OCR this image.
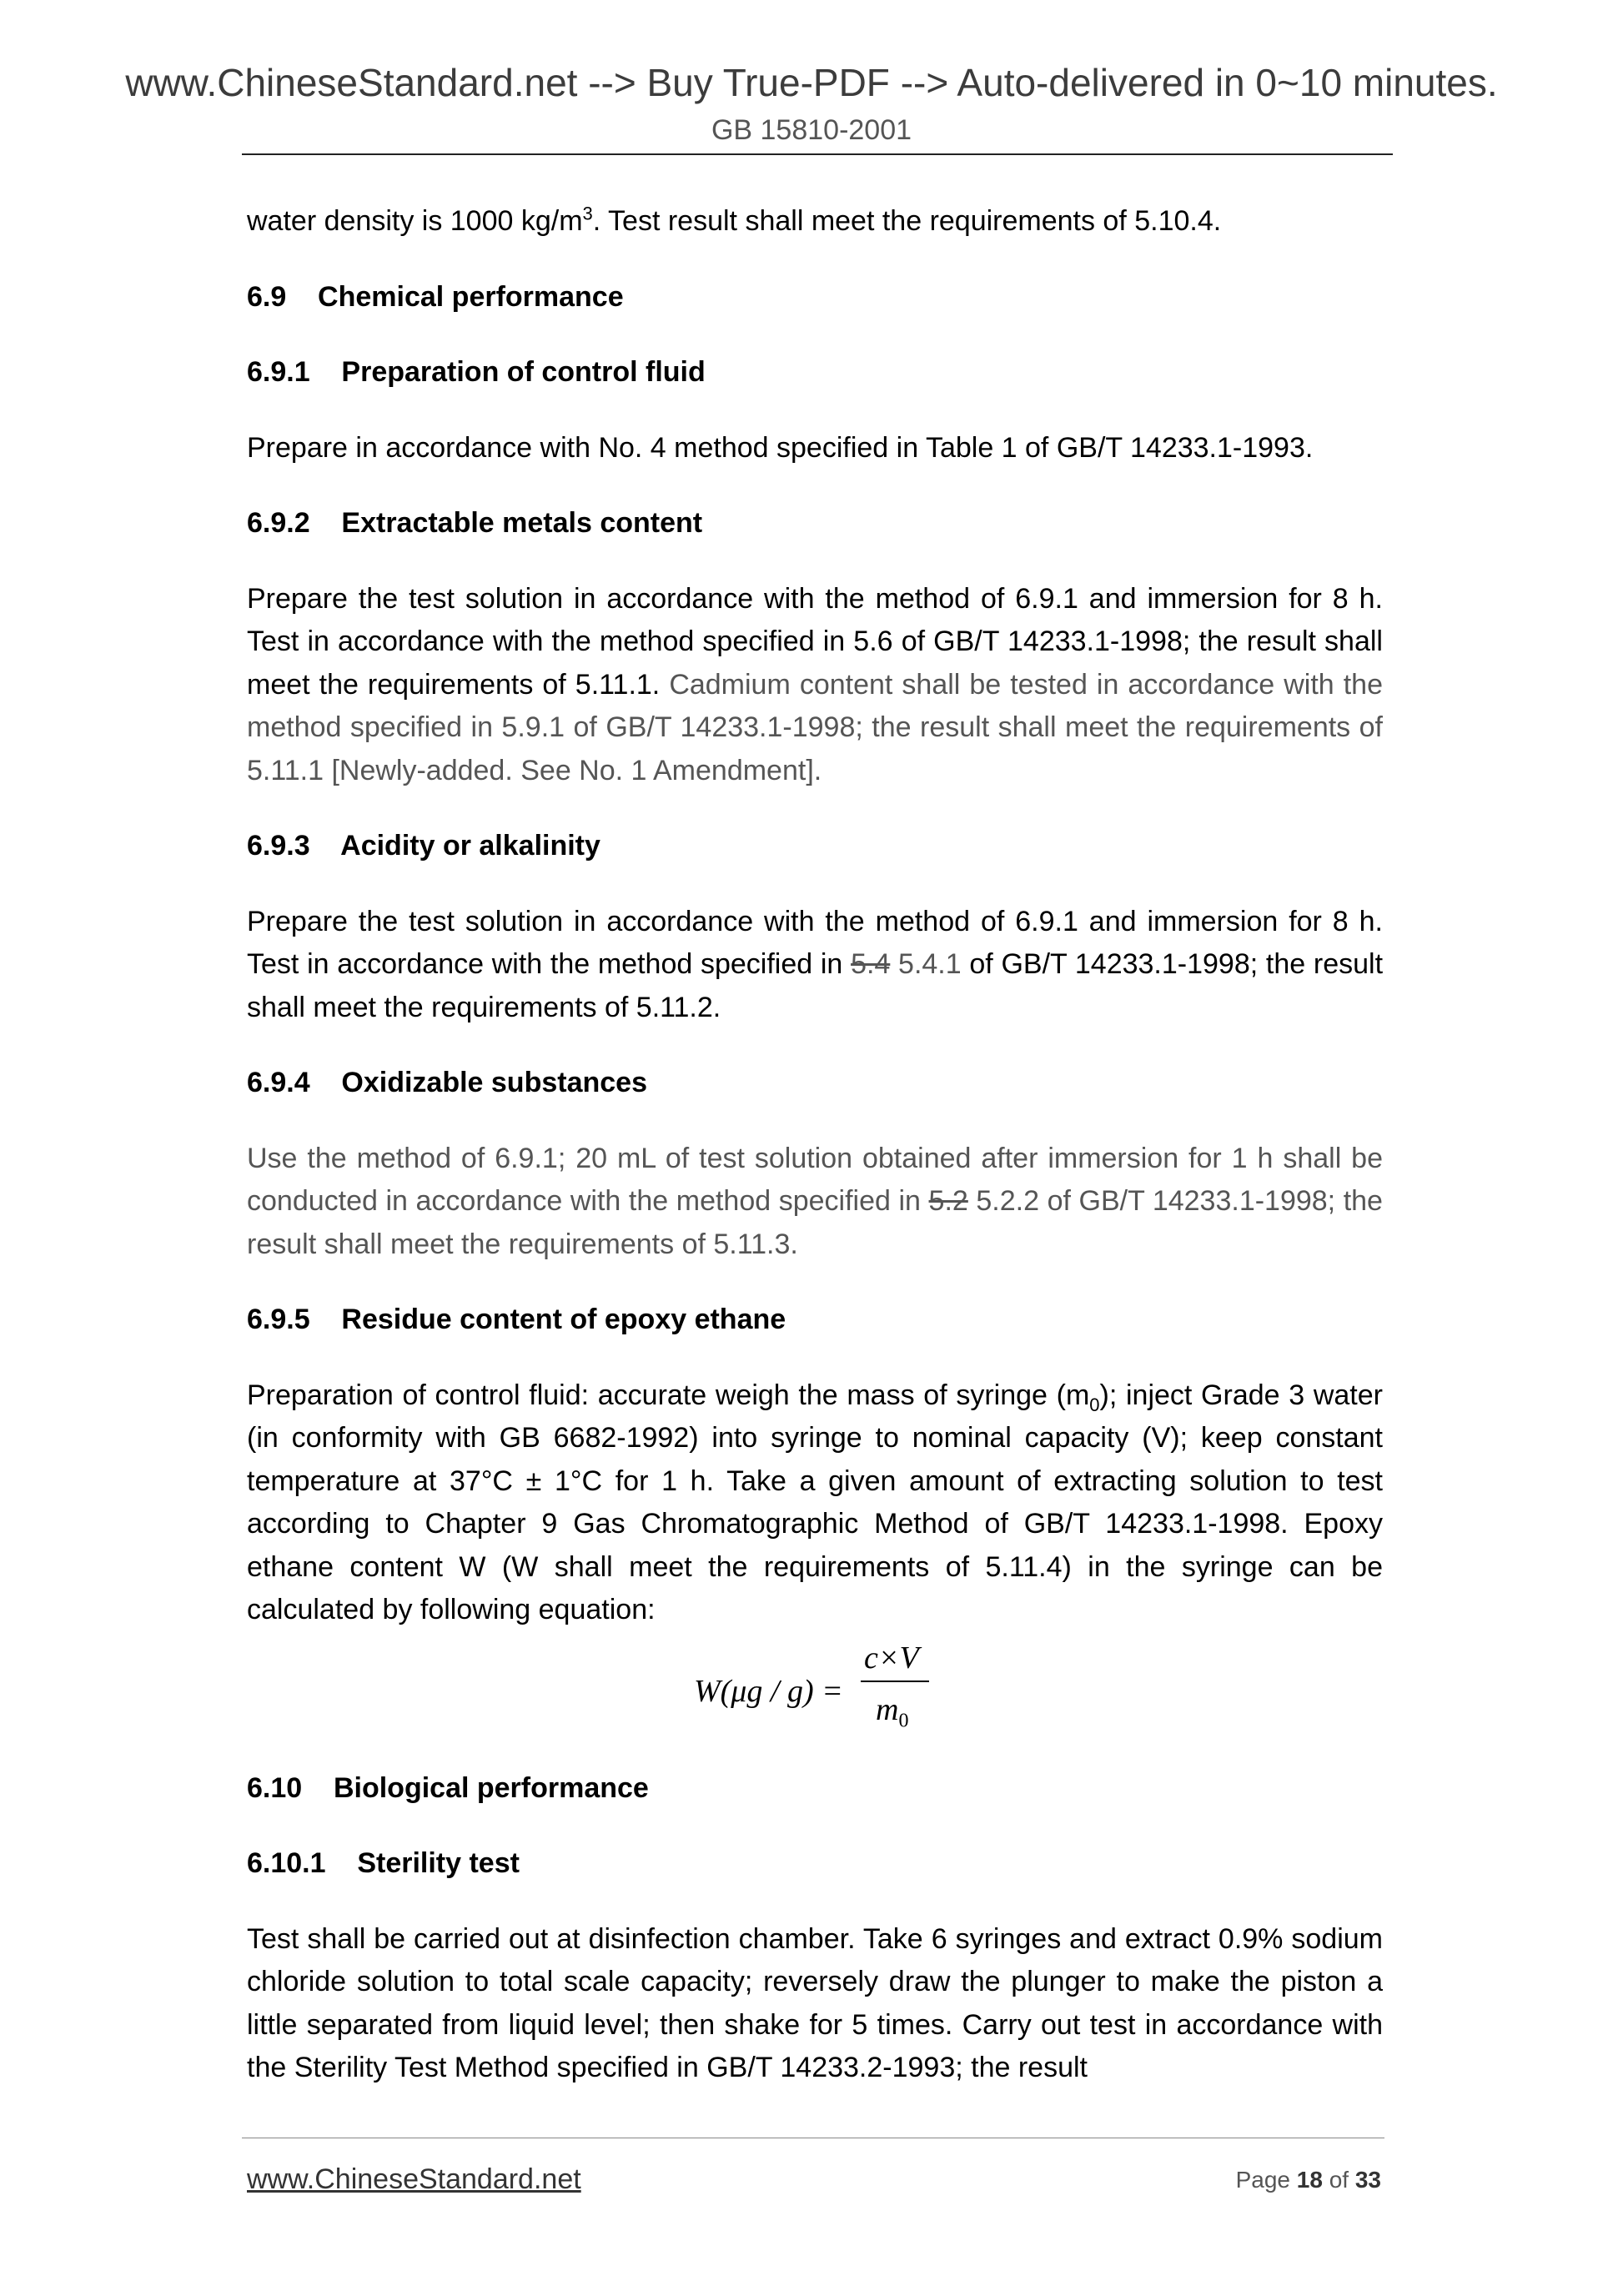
www.ChineseStandard.net --> Buy True-PDF --> Auto-delivered in 0~10 minutes.
GB 15810-2001

water density is 1000 $kg/m^3$. Test result shall meet the requirements of 5.10.4.

6.9    Chemical performance
6.9.1    Preparation of control fluid

Prepare in accordance with No. 4 method specified in Table 1 of GB/T 14233.1-1993.

6.9.2    Extractable metals content

Prepare the test solution in accordance with the method of 6.9.1 and immersion for 8 h. Test in accordance with the method specified in 5.6 of GB/T 14233.1-1998; the result shall meet the requirements of 5.11.1. Cadmium content shall be tested in accordance with the method specified in 5.9.1 of GB/T 14233.1-1998; the result shall meet the requirements of 5.11.1 [Newly-added. See No. 1 Amendment].

6.9.3    Acidity or alkalinity

Prepare the test solution in accordance with the method of 6.9.1 and immersion for 8 h. Test in accordance with the method specified in 5.4 5.4.1 of GB/T 14233.1-1998; the result shall meet the requirements of 5.11.2.

6.9.4    Oxidizable substances

Use the method of 6.9.1; 20 mL of test solution obtained after immersion for 1 h shall be conducted in accordance with the method specified in 5.2 5.2.2 of GB/T 14233.1-1998; the result shall meet the requirements of 5.11.3.

6.9.5    Residue content of epoxy ethane

Preparation of control fluid: accurate weigh the mass of syringe $(m_0)$; inject Grade 3 water (in conformity with GB 6682-1992) into syringe to nominal capacity (V); keep constant temperature at 37°C ± 1°C for 1 h. Take a given amount of extracting solution to test according to Chapter 9 Gas Chromatographic Method of GB/T 14233.1-1998. Epoxy ethane content W (W shall meet the requirements of 5.11.4) in the syringe can be calculated by following equation:

W(μg / g) =
c×V
$m_0$
6.10    Biological performance
6.10.1    Sterility test

Test shall be carried out at disinfection chamber. Take 6 syringes and extract 0.9% sodium chloride solution to total scale capacity; reversely draw the plunger to make the piston a little separated from liquid level; then shake for 5 times. Carry out test in accordance with the Sterility Test Method specified in GB/T 14233.2-1993; the result

www.ChineseStandard.net	Page 18 of 33
